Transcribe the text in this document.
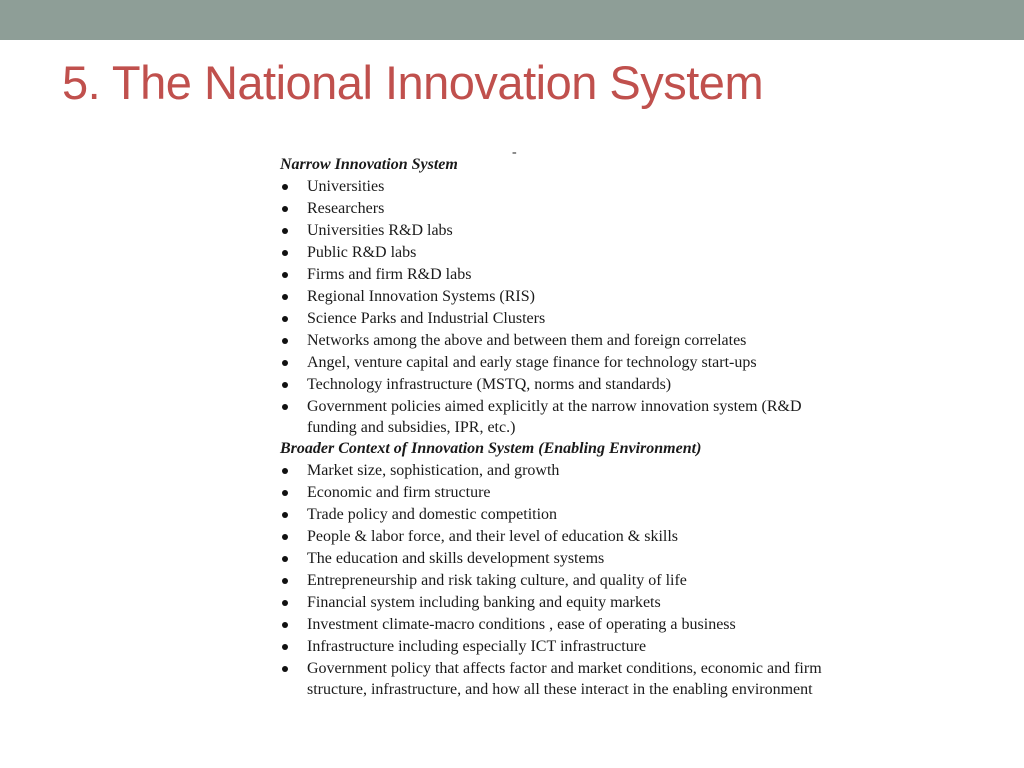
5. The National Innovation System
-
Narrow Innovation System
Universities
Researchers
Universities R&D labs
Public R&D labs
Firms and firm R&D labs
Regional Innovation Systems (RIS)
Science Parks and Industrial Clusters
Networks among the above and between them and foreign correlates
Angel, venture capital and early stage finance for technology start-ups
Technology infrastructure (MSTQ, norms and standards)
Government policies aimed explicitly at the narrow innovation system (R&D funding and subsidies, IPR, etc.)
Broader Context of Innovation System (Enabling Environment)
Market size, sophistication, and growth
Economic and firm structure
Trade policy and domestic competition
People & labor force, and their level of education & skills
The education and skills development systems
Entrepreneurship and risk taking culture, and quality of life
Financial system including banking and equity markets
Investment climate-macro conditions , ease of operating a business
Infrastructure including especially ICT infrastructure
Government policy that affects factor and market conditions, economic and firm structure, infrastructure, and how all these interact in the enabling environment
